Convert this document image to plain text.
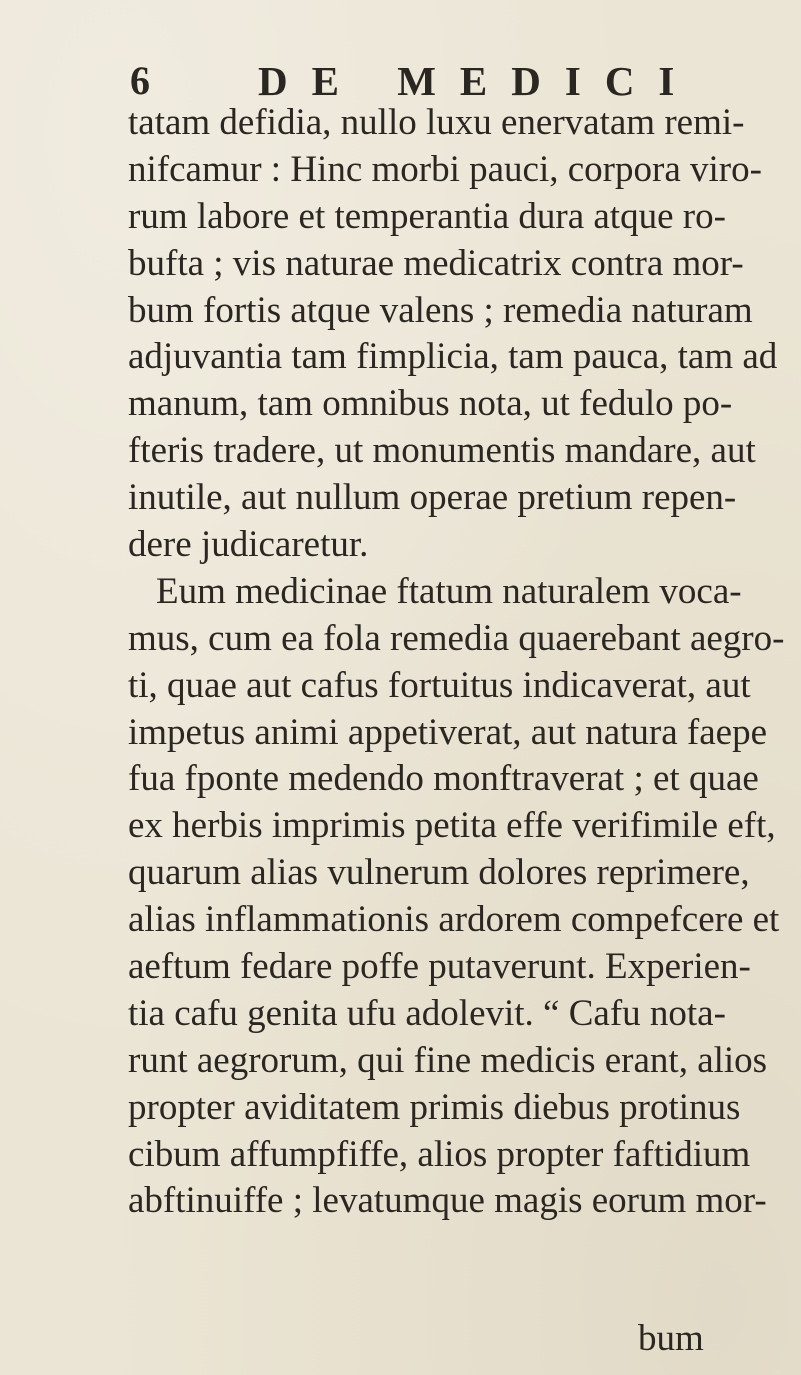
6	DE MEDICI
tatam defidia, nullo luxu enervatam remi-
nifcamur : Hinc morbi pauci, corpora viro-
rum labore et temperantia dura atque ro-
bufta ; vis naturae medicatrix contra mor-
bum fortis atque valens ; remedia naturam
adjuvantia tam fimplicia, tam pauca, tam ad
manum, tam omnibus nota, ut fedulo po-
fteris tradere, ut monumentis mandare, aut
inutile, aut nullum operae pretium repen-
dere judicaretur.
Eum medicinae ftatum naturalem voca-
mus, cum ea fola remedia quaerebant aegro-
ti, quae aut cafus fortuitus indicaverat, aut
impetus animi appetiverat, aut natura faepe
fua fponte medendo monftraverat ; et quae
ex herbis imprimis petita effe verifimile eft,
quarum alias vulnerum dolores reprimere,
alias inflammationis ardorem compefcere et
aeftum fedare poffe putaverunt. Experien-
tia cafu genita ufu adolevit. “ Cafu nota-
runt aegrorum, qui fine medicis erant, alios
propter aviditatem primis diebus protinus
cibum affumpfiffe, alios propter faftidium
abftinuiffe ; levatumque magis eorum mor-
bum
